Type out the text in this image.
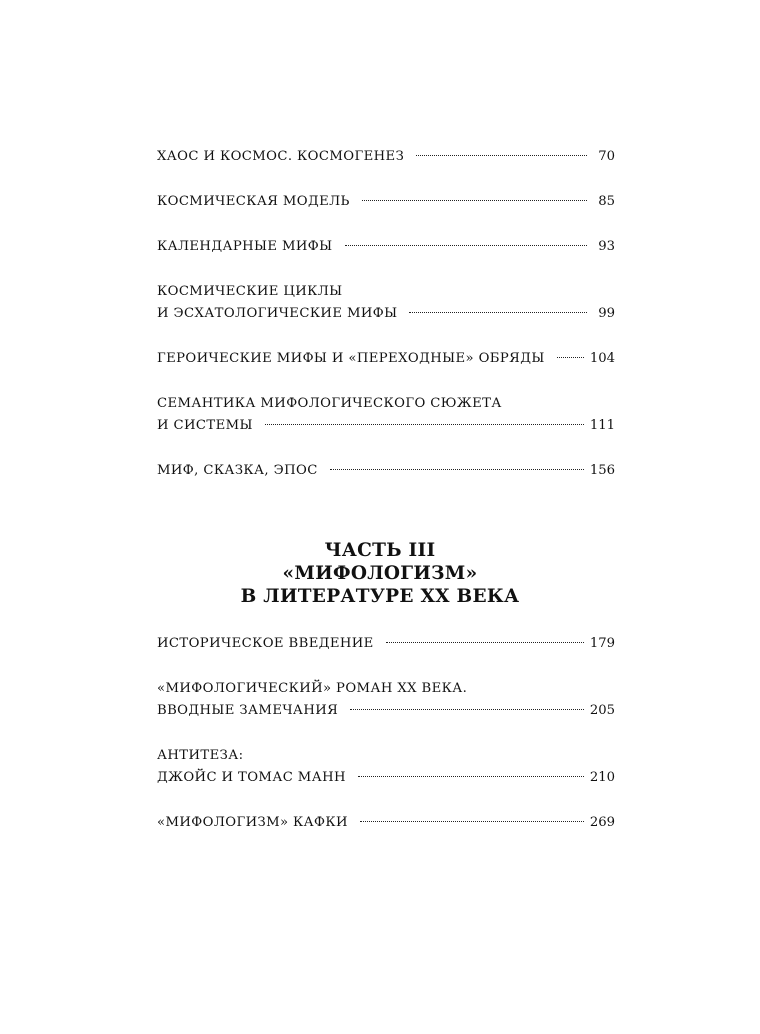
ХАОС И КОСМОС. КОСМОГЕНЕЗ	70
КОСМИЧЕСКАЯ МОДЕЛЬ	85
КАЛЕНДАРНЫЕ МИФЫ	93
КОСМИЧЕСКИЕ ЦИКЛЫ
И ЭСХАТОЛОГИЧЕСКИЕ МИФЫ	99
ГЕРОИЧЕСКИЕ МИФЫ И «ПЕРЕХОДНЫЕ» ОБРЯДЫ	104
СЕМАНТИКА МИФОЛОГИЧЕСКОГО СЮЖЕТА
И СИСТЕМЫ	111
МИФ, СКАЗКА, ЭПОС	156
ЧАСТЬ III
«МИФОЛОГИЗМ»
В ЛИТЕРАТУРЕ XX ВЕКА
ИСТОРИЧЕСКОЕ ВВЕДЕНИЕ	179
«МИФОЛОГИЧЕСКИЙ» РОМАН XX ВЕКА.
ВВОДНЫЕ ЗАМЕЧАНИЯ	205
АНТИТЕЗА:
ДЖОЙС И ТОМАС МАНН	210
«МИФОЛОГИЗМ» КАФКИ	269
